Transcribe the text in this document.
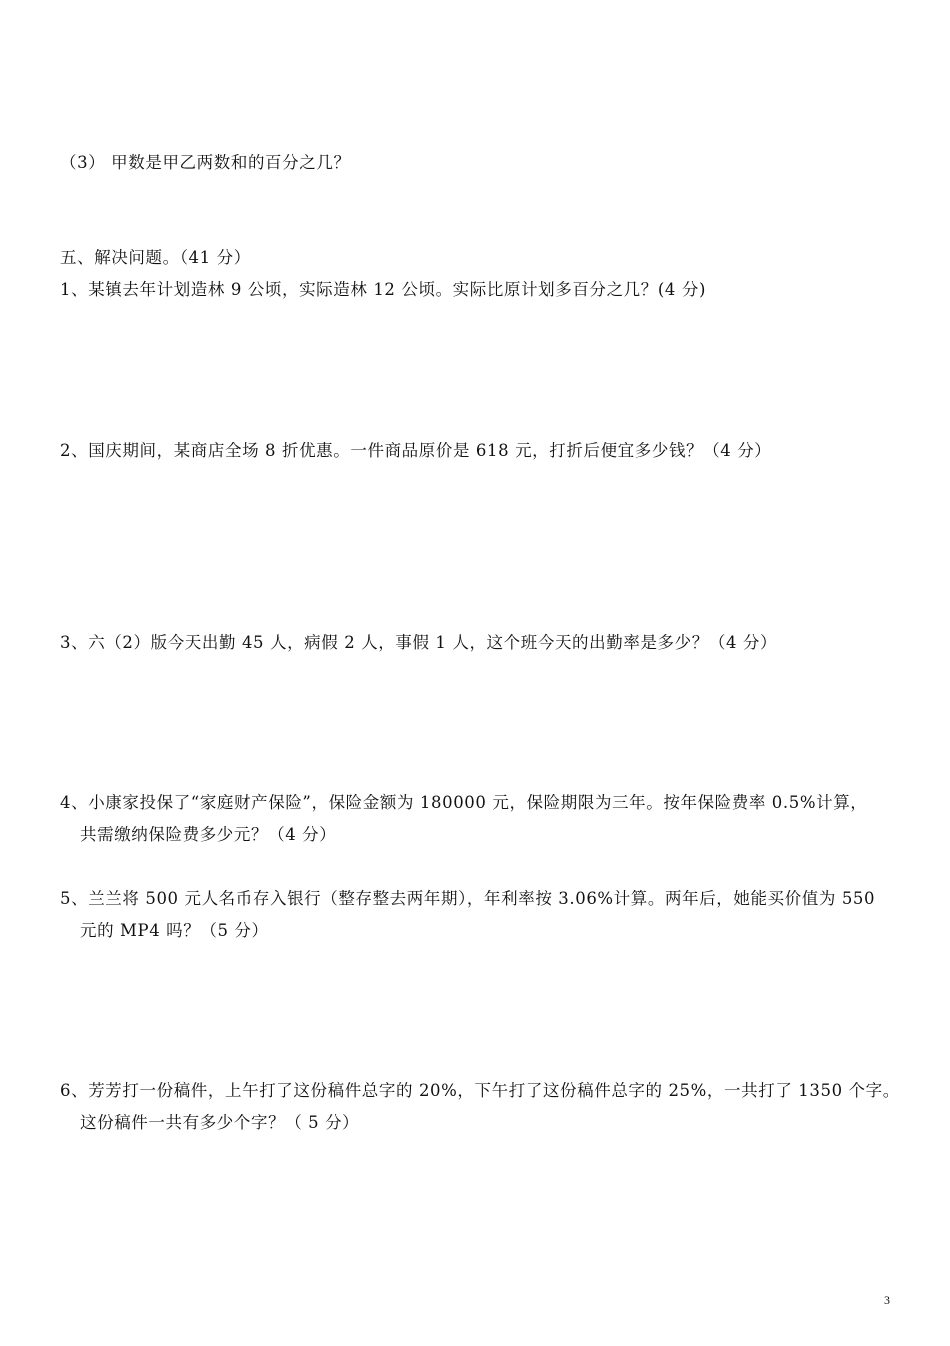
（3） 甲数是甲乙两数和的百分之几？
五、解决问题。（41 分）
1、某镇去年计划造林 9 公顷，实际造林 12 公顷。实际比原计划多百分之几？(4 分)
2、国庆期间，某商店全场 8 折优惠。一件商品原价是 618 元，打折后便宜多少钱？（4 分）
3、六（2）版今天出勤 45 人，病假 2 人，事假 1 人，这个班今天的出勤率是多少？（4 分）
4、小康家投保了“家庭财产保险”，保险金额为 180000 元，保险期限为三年。按年保险费率 0.5%计算，
共需缴纳保险费多少元？（4 分）
5、兰兰将 500 元人名币存入银行（整存整去两年期），年利率按 3.06%计算。两年后，她能买价值为 550
元的 MP4 吗？（5 分）
6、芳芳打一份稿件，上午打了这份稿件总字的 20%，下午打了这份稿件总字的 25%，一共打了 1350 个字。
这份稿件一共有多少个字？（ 5 分）
3
